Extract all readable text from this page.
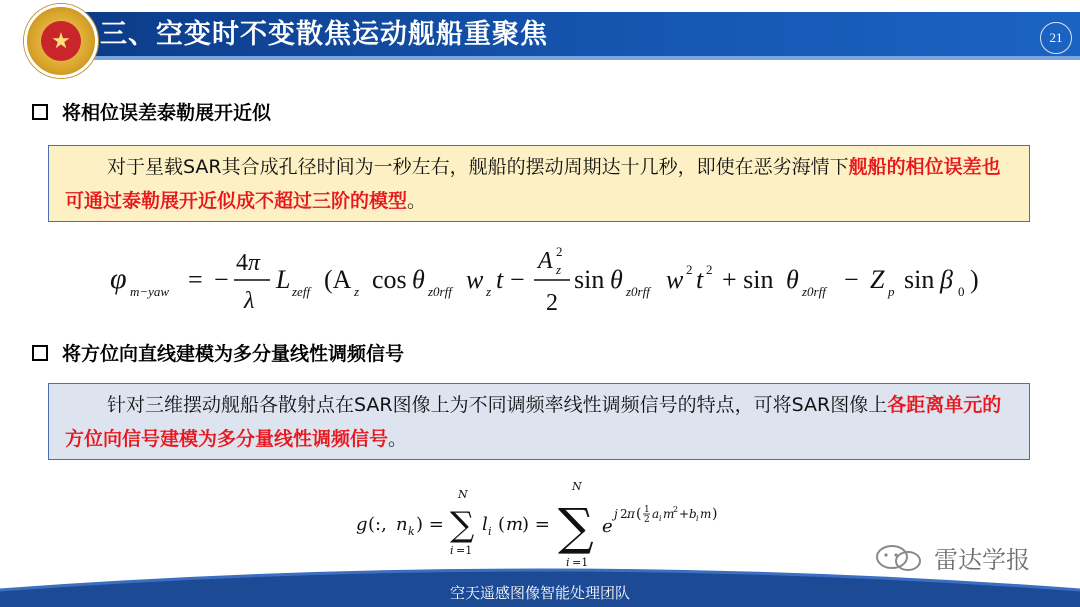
★	三、空变时不变散焦运动舰船重聚焦	21
将相位误差泰勒展开近似
对于星载SAR其合成孔径时间为一秒左右，舰船的摆动周期达十几秒，即使在恶劣海情下舰船的相位误差也可通过泰勒展开近似成不超过三阶的模型。
φ m−yaw = −
4π
λ
L zeff (A z cos θ z0rff w z t −
A 2
z
2
sin θ z0rff w 2 t 2 + sin θ z0rff − Z p sin β 0 )
将方位向直线建模为多分量线性调频信号
针对三维摆动舰船各散射点在SAR图像上为不同调频率线性调频信号的特点，可将SAR图像上各距离单元的方位向信号建模为多分量线性调频信号。
g (:, n k ) =
N
∑
i =1
l i ( m
) =
N
∑
i =1
e
j 2 π ( 1
2 a i m
2 + b i m )
雷达学报
空天遥感图像智能处理团队
